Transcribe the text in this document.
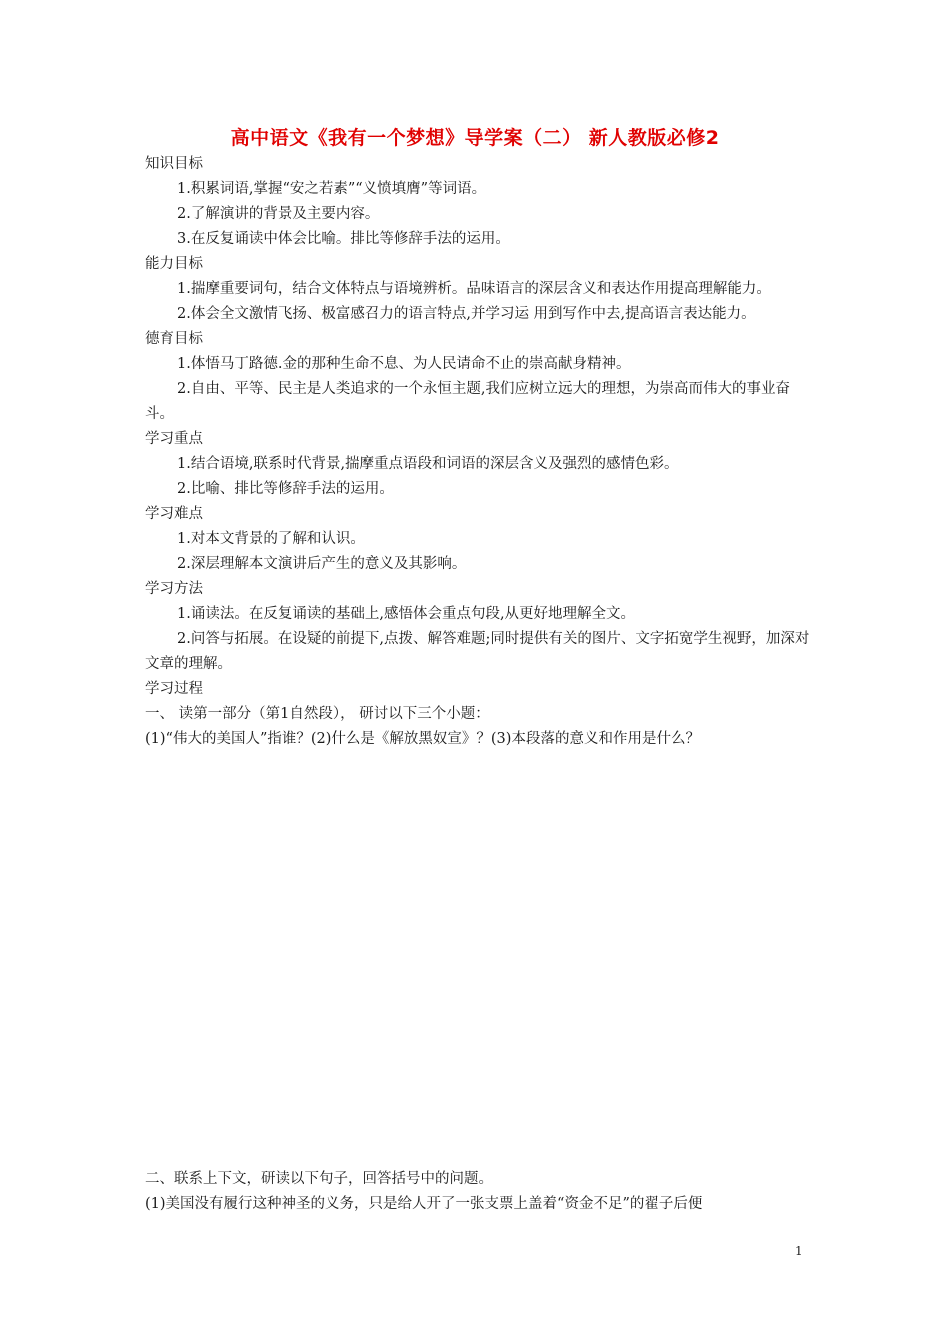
高中语文《我有一个梦想》导学案（二） 新人教版必修2

知识目标

1.积累词语,掌握“安之若素”“义愤填膺”等词语。

2.了解演讲的背景及主要内容。

3.在反复诵读中体会比喻。排比等修辞手法的运用。

能力目标

1.揣摩重要词句，结合文体特点与语境辨析。品味语言的深层含义和表达作用提高理解能力。

2.体会全文激情飞扬、极富感召力的语言特点,并学习运 用到写作中去,提高语言表达能力。

德育目标

1.体悟马丁路德.金的那种生命不息、为人民请命不止的崇高献身精神。

2.自由、平等、民主是人类追求的一个永恒主题,我们应树立远大的理想，为崇高而伟大的事业奋斗。

学习重点

1.结合语境,联系时代背景,揣摩重点语段和词语的深层含义及强烈的感情色彩。

2.比喻、排比等修辞手法的运用。

学习难点

1.对本文背景的了解和认识。

2.深层理解本文演讲后产生的意义及其影响。

学习方法

1.诵读法。在反复诵读的基础上,感悟体会重点句段,从更好地理解全文。

2.问答与拓展。在设疑的前提下,点拨、解答难题;同时提供有关的图片、文字拓宽学生视野，加深对文章的理解。

学习过程

一、 读第一部分（第1自然段）， 研讨以下三个小题：

(1)“伟大的美国人”指谁？(2)什么是《解放黑奴宣》？(3)本段落的意义和作用是什么？

二、联系上下文，研读以下句子，回答括号中的问题。

(1)美国没有履行这种神圣的义务，只是给人开了一张支票上盖着“资金不足”的翟子后便

1
